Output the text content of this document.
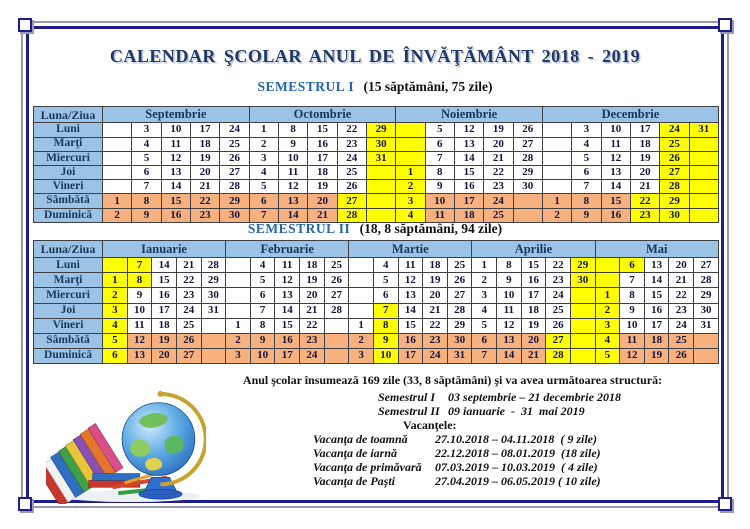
CALENDAR ŞCOLAR ANUL DE ÎNVĂŢĂMÂNT 2018 - 2019
SEMESTRUL I (15 săptămâni, 75 zile)
Luna/Ziua	Septembrie					Octombrie					Noiembrie					Decembrie					
Luni		3	10	17	24	1	8	15	22	29		5	12	19	26		3	10	17	24	31
Marţi		4	11	18	25	2	9	16	23	30		6	13	20	27		4	11	18	25	
Miercuri		5	12	19	26	3	10	17	24	31		7	14	21	28		5	12	19	26	
Joi		6	13	20	27	4	11	18	25		1	8	15	22	29		6	13	20	27	
Vineri		7	14	21	28	5	12	19	26		2	9	16	23	30		7	14	21	28	
Sâmbătă	1	8	15	22	29	6	13	20	27		3	10	17	24		1	8	15	22	29	
Duminică	2	9	16	23	30	7	14	21	28		4	11	18	25		2	9	16	23	30	
SEMESTRUL II (18, 8 săptămâni, 94 zile)
Luna/Ziua	Ianuarie					Februarie					Martie					Aprilie					Mai				
Luni		7	14	21	28		4	11	18	25		4	11	18	25	1	8	15	22	29		6	13	20	27
Marţi	1	8	15	22	29		5	12	19	26		5	12	19	26	2	9	16	23	30		7	14	21	28
Miercuri	2	9	16	23	30		6	13	20	27		6	13	20	27	3	10	17	24		1	8	15	22	29
Joi	3	10	17	24	31		7	14	21	28		7	14	21	28	4	11	18	25		2	9	16	23	30
Vineri	4	11	18	25		1	8	15	22		1	8	15	22	29	5	12	19	26		3	10	17	24	31
Sâmbătă	5	12	19	26		2	9	16	23		2	9	16	23	30	6	13	20	27		4	11	18	25	
Duminică	6	13	20	27		3	10	17	24		3	10	17	24	31	7	14	21	28		5	12	19	26	
Anul şcolar însumează 169 zile (33, 8 săptămâni) şi va avea următoarea structură:
Semestrul I	03 septembrie – 21 decembrie 2018
Semestrul II 09 ianuarie  -  31  mai 2019
Vacanţele:
Vacanţa de toamnă	27.10.2018 – 04.11.2018  ( 9 zile)
Vacanţa de iarnă	22.12.2018 – 08.01.2019  (18 zile)
Vacanţa de primăvară	07.03.2019 – 10.03.2019  ( 4 zile)
Vacanţa de Paşti	27.04.2019 – 06.05.2019 ( 10 zile)
